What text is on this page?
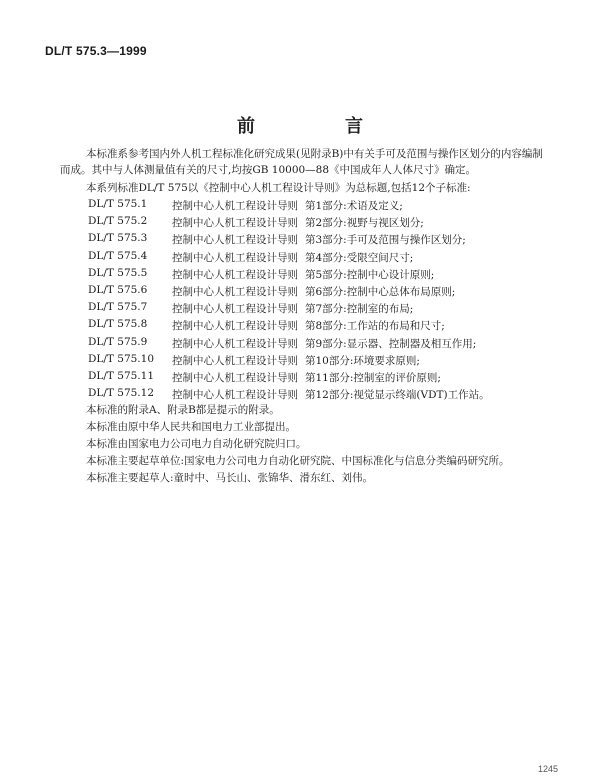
DL/T 575.3—1999
前　言
本标准系参考国内外人机工程标准化研究成果(见附录B)中有关手可及范围与操作区划分的内容编制而成。其中与人体测量值有关的尺寸,均按GB 10000—88《中国成年人人体尺寸》确定。
本系列标准DL/T 575以《控制中心人机工程设计导则》为总标题,包括12个子标准:
DL/T 575.1	控制中心人机工程设计导则 第1部分:术语及定义;
DL/T 575.2	控制中心人机工程设计导则 第2部分:视野与视区划分;
DL/T 575.3	控制中心人机工程设计导则 第3部分:手可及范围与操作区划分;
DL/T 575.4	控制中心人机工程设计导则 第4部分:受限空间尺寸;
DL/T 575.5	控制中心人机工程设计导则 第5部分:控制中心设计原则;
DL/T 575.6	控制中心人机工程设计导则 第6部分:控制中心总体布局原则;
DL/T 575.7	控制中心人机工程设计导则 第7部分:控制室的布局;
DL/T 575.8	控制中心人机工程设计导则 第8部分:工作站的布局和尺寸;
DL/T 575.9	控制中心人机工程设计导则 第9部分:显示器、控制器及相互作用;
DL/T 575.10	控制中心人机工程设计导则 第10部分:环境要求原则;
DL/T 575.11	控制中心人机工程设计导则 第11部分:控制室的评价原则;
DL/T 575.12	控制中心人机工程设计导则 第12部分:视觉显示终端(VDT)工作站。
本标准的附录A、附录B都是提示的附录。
本标准由原中华人民共和国电力工业部提出。
本标准由国家电力公司电力自动化研究院归口。
本标准主要起草单位:国家电力公司电力自动化研究院、中国标准化与信息分类编码研究所。
本标准主要起草人:童时中、马长山、张锦华、滑东红、刘伟。
1245
